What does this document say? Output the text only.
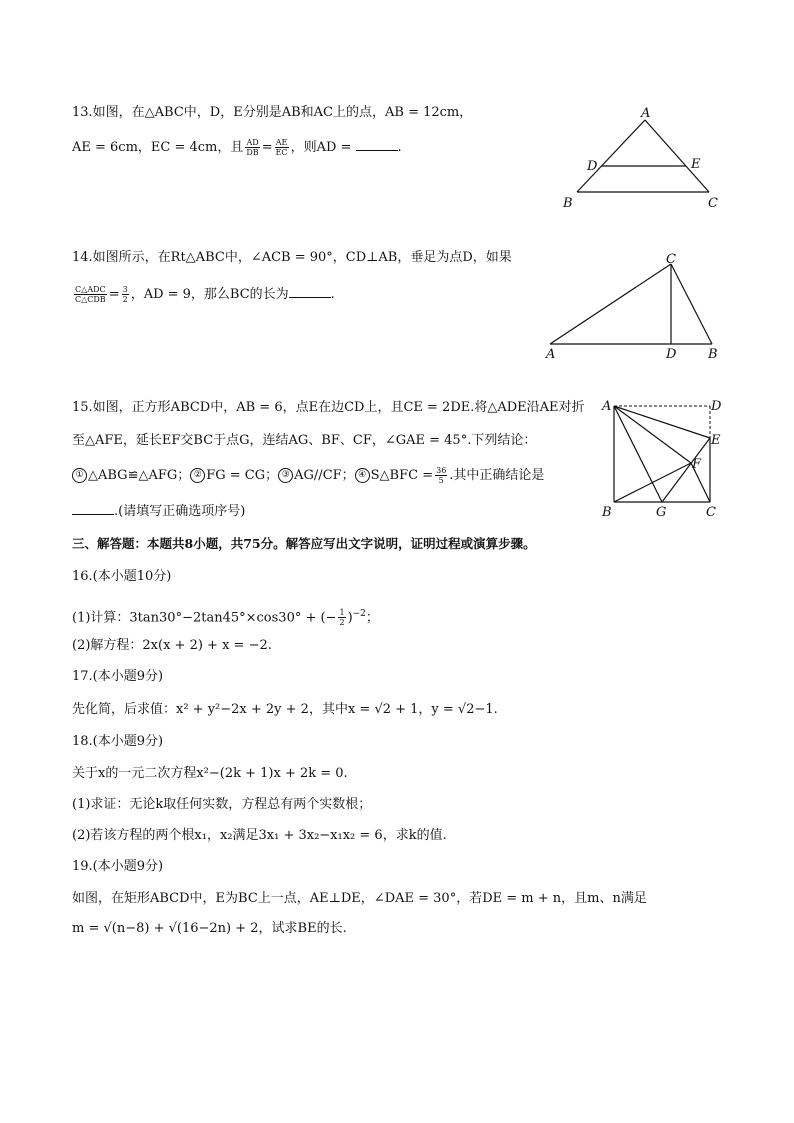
13.如图，在△ABC中，D，E分别是AB和AC上的点，AB = 12cm，
AE = 6cm，EC = 4cm，且 $\frac{AD}{DB} = \frac{AE}{EC}$ ，则AD =	.
A
D	E
B	C
14.如图所示，在Rt△ABC中，∠ACB = 90°，CD⊥AB，垂足为点D，如果
$\frac{\text{C△ADC}}{\text{C△CDB}} = \frac{3}{2}$ ，AD = 9，那么BC的长为	.
C
A	D B
15.如图，正方形ABCD中，AB = 6，点E在边CD上，且CE = 2DE.将△ADE沿AE对折
至△AFE，延长EF交BC于点G，连结AG、BF、CF，∠GAE = 45°.下列结论：
① △ABG≌△AFG； ② FG = CG； ③ AG//CF； ④ S△BFC = $\frac{36}{5}$ .其中正确结论是
.(请填写正确选项序号)
A	D
E
F
B	G	C
三、解答题：本题共8小题，共75分。解答应写出文字说明，证明过程或演算步骤。
16.(本小题10分)
(1)计算：3tan30°−2tan45°×cos30° + (− $\frac{1}{2} )^{-2}$；
(2)解方程：2x(x + 2) + x = −2.
17.(本小题9分)
先化简，后求值：x² + y²−2x + 2y + 2，其中x = √2 + 1，y = √2−1.
18.(本小题9分)
关于x的一元二次方程x²−(2k + 1)x + 2k = 0.
(1)求证：无论k取任何实数，方程总有两个实数根；
(2)若该方程的两个根x₁，x₂满足3x₁ + 3x₂−x₁x₂ = 6，求k的值.
19.(本小题9分)
如图，在矩形ABCD中，E为BC上一点，AE⊥DE，∠DAE = 30°，若DE = m + n，且m、n满足
m = √(n−8) + √(16−2n) + 2，试求BE的长.
